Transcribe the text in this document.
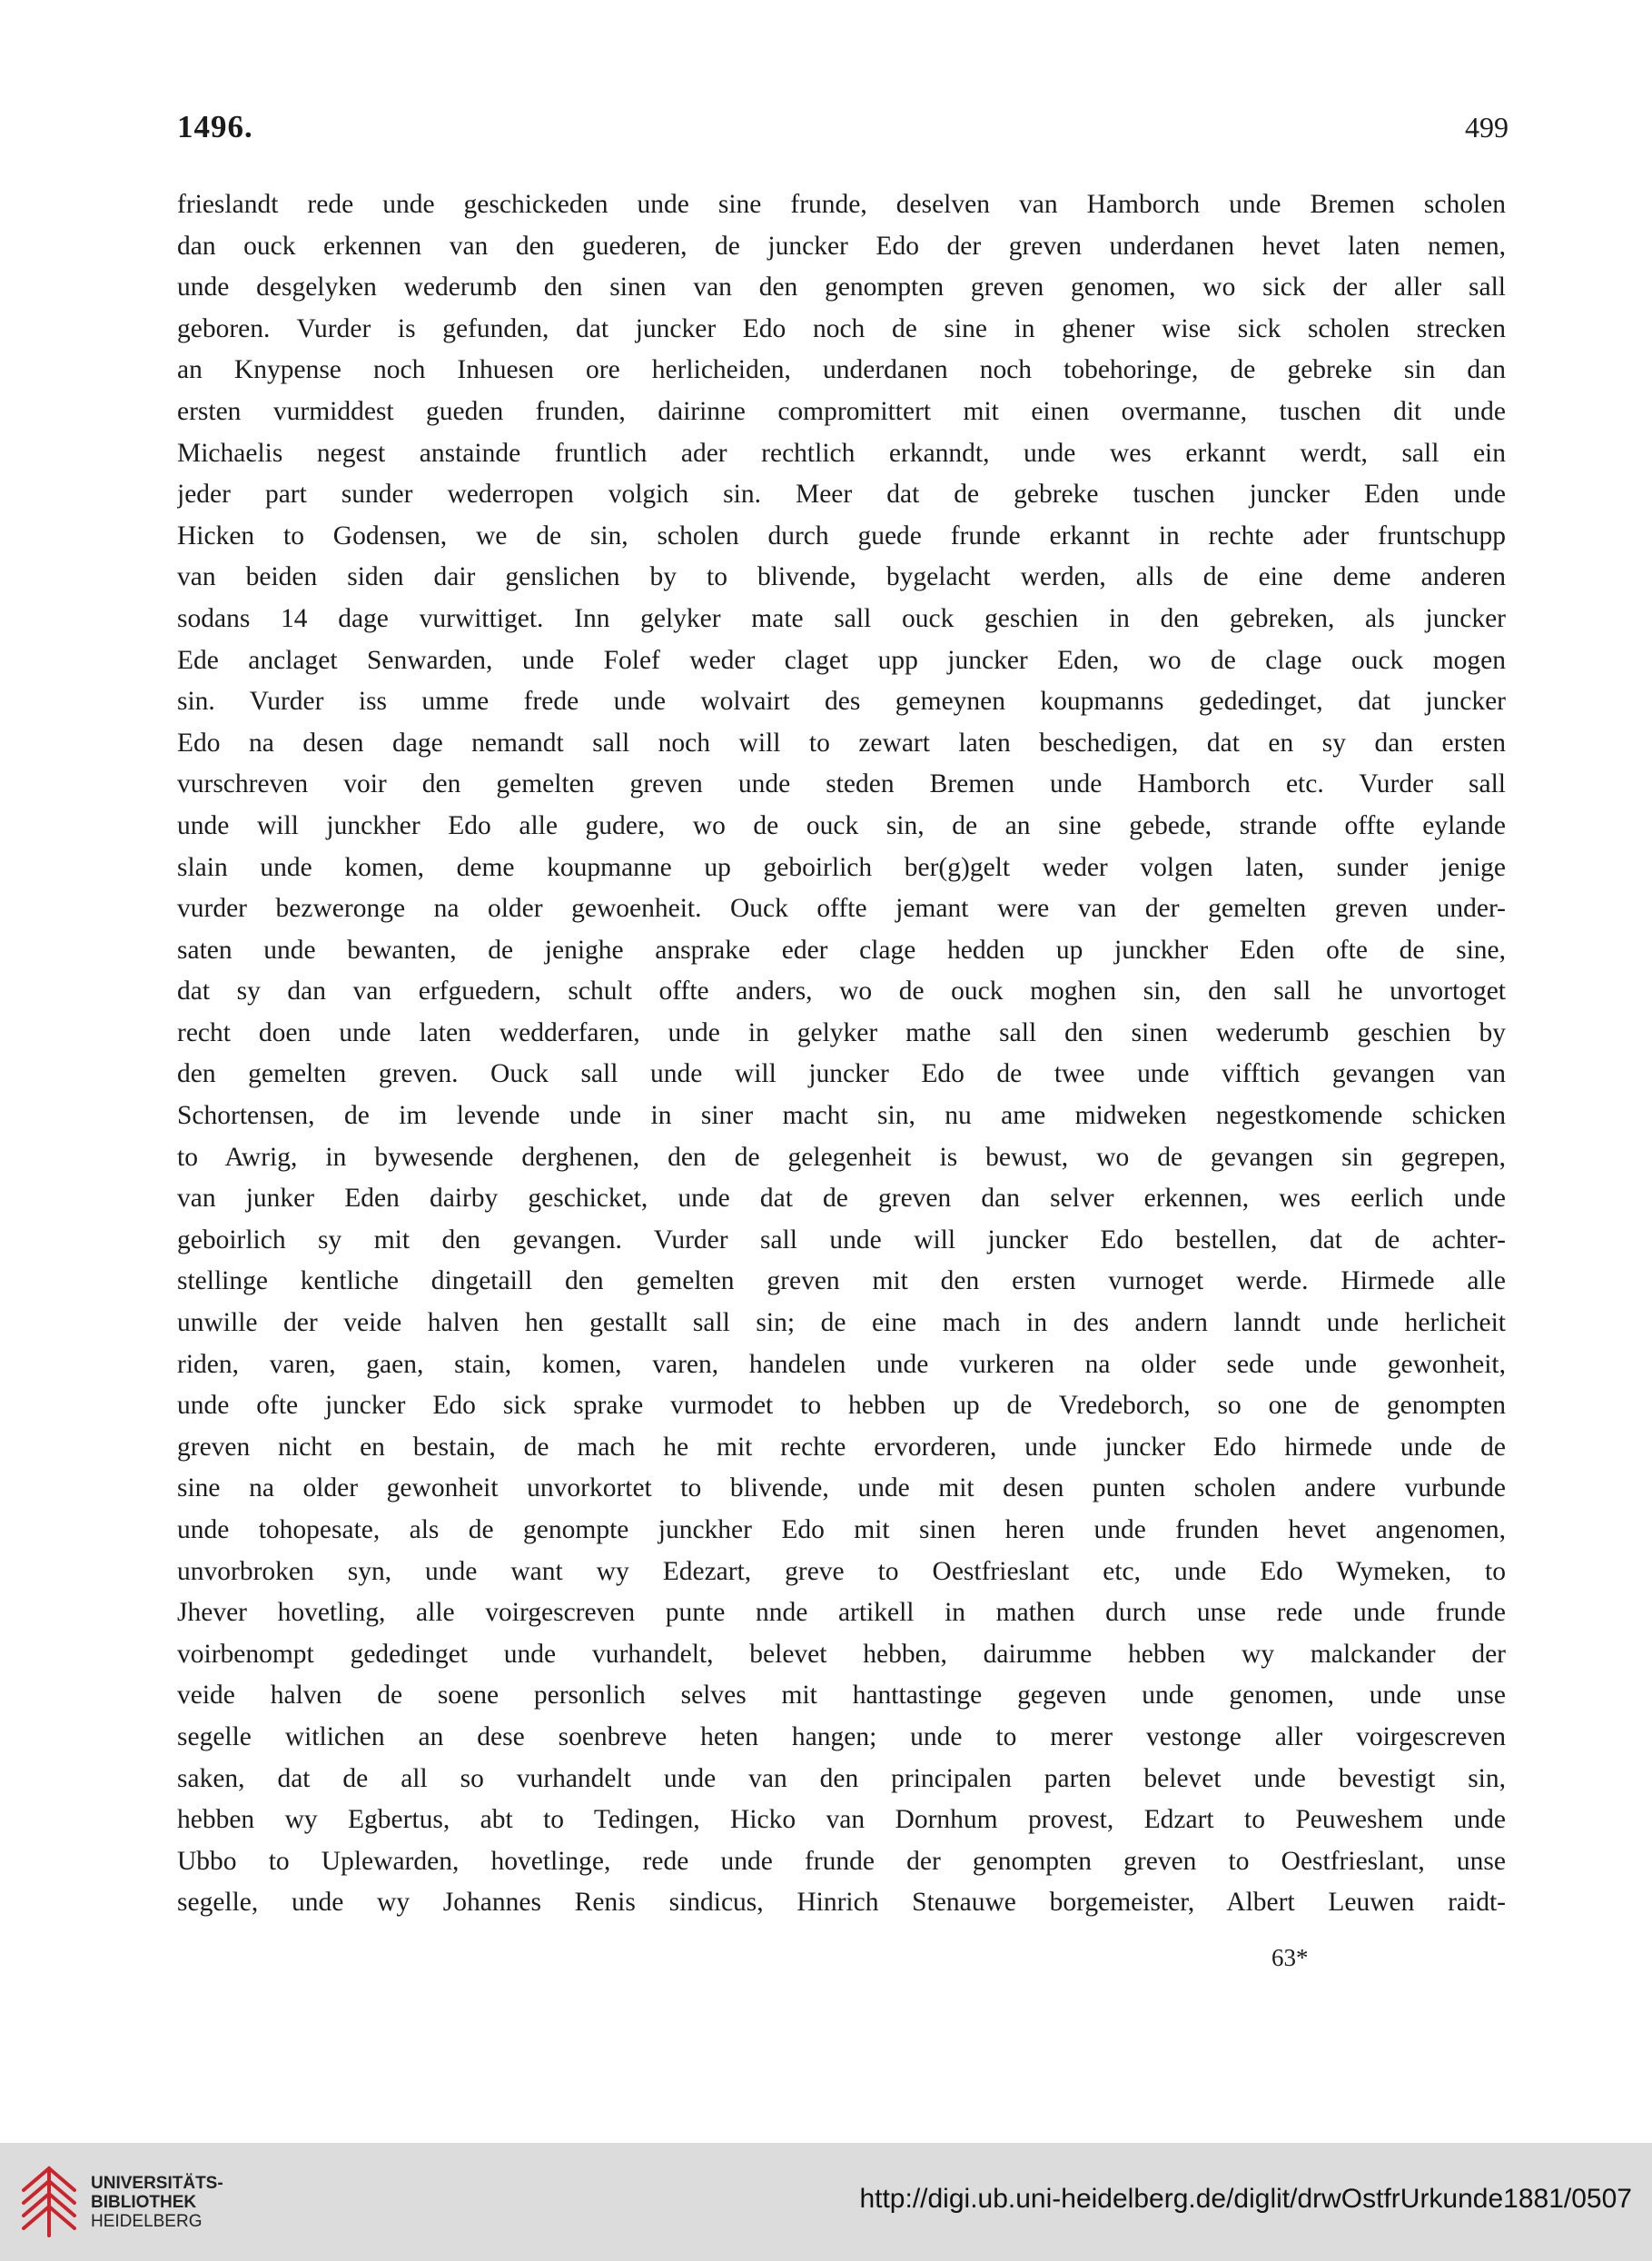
1496.	499
frieslandt rede unde geschickeden unde sine frunde, deselven van Hamborch unde Bremen scholen
dan ouck erkennen van den guederen, de juncker Edo der greven underdanen hevet laten nemen,
unde desgelyken wederumb den sinen van den genompten greven genomen, wo sick der aller sall
geboren. Vurder is gefunden, dat juncker Edo noch de sine in ghener wise sick scholen strecken
an Knypense noch Inhuesen ore herlicheiden, underdanen noch tobehoringe, de gebreke sin dan
ersten vurmiddest gueden frunden, dairinne compromittert mit einen overmanne, tuschen dit unde
Michaelis negest anstainde fruntlich ader rechtlich erkanndt, unde wes erkannt werdt, sall ein
jeder part sunder wederropen volgich sin. Meer dat de gebreke tuschen juncker Eden unde
Hicken to Godensen, we de sin, scholen durch guede frunde erkannt in rechte ader fruntschupp
van beiden siden dair genslichen by to blivende, bygelacht werden, alls de eine deme anderen
sodans 14 dage vurwittiget. Inn gelyker mate sall ouck geschien in den gebreken, als juncker
Ede anclaget Senwarden, unde Folef weder claget upp juncker Eden, wo de clage ouck mogen
sin. Vurder iss umme frede unde wolvairt des gemeynen koupmanns gededinget, dat juncker
Edo na desen dage nemandt sall noch will to zewart laten beschedigen, dat en sy dan ersten
vurschreven voir den gemelten greven unde steden Bremen unde Hamborch etc. Vurder sall
unde will junckher Edo alle gudere, wo de ouck sin, de an sine gebede, strande offte eylande
slain unde komen, deme koupmanne up geboirlich ber(g)gelt weder volgen laten, sunder jenige
vurder bezweronge na older gewoenheit. Ouck offte jemant were van der gemelten greven under-
saten unde bewanten, de jenighe ansprake eder clage hedden up junckher Eden ofte de sine,
dat sy dan van erfguedern, schult offte anders, wo de ouck moghen sin, den sall he unvortoget
recht doen unde laten wedderfaren, unde in gelyker mathe sall den sinen wederumb geschien by
den gemelten greven. Ouck sall unde will juncker Edo de twee unde vifftich gevangen van
Schortensen, de im levende unde in siner macht sin, nu ame midweken negestkomende schicken
to Awrig, in bywesende derghenen, den de gelegenheit is bewust, wo de gevangen sin gegrepen,
van junker Eden dairby geschicket, unde dat de greven dan selver erkennen, wes eerlich unde
geboirlich sy mit den gevangen. Vurder sall unde will juncker Edo bestellen, dat de achter-
stellinge kentliche dingetaill den gemelten greven mit den ersten vurnoget werde. Hirmede alle
unwille der veide halven hen gestallt sall sin; de eine mach in des andern lanndt unde herlicheit
riden, varen, gaen, stain, komen, varen, handelen unde vurkeren na older sede unde gewonheit,
unde ofte juncker Edo sick sprake vurmodet to hebben up de Vredeborch, so one de genompten
greven nicht en bestain, de mach he mit rechte ervorderen, unde juncker Edo hirmede unde de
sine na older gewonheit unvorkortet to blivende, unde mit desen punten scholen andere vurbunde
unde tohopesate, als de genompte junckher Edo mit sinen heren unde frunden hevet angenomen,
unvorbroken syn, unde want wy Edezart, greve to Oestfrieslant etc, unde Edo Wymeken, to
Jhever hovetling, alle voirgescreven punte nnde artikell in mathen durch unse rede unde frunde
voirbenompt gededinget unde vurhandelt, belevet hebben, dairumme hebben wy malckander der
veide halven de soene personlich selves mit hanttastinge gegeven unde genomen, unde unse
segelle witlichen an dese soenbreve heten hangen; unde to merer vestonge aller voirgescreven
saken, dat de all so vurhandelt unde van den principalen parten belevet unde bevestigt sin,
hebben wy Egbertus, abt to Tedingen, Hicko van Dornhum provest, Edzart to Peuweshem unde
Ubbo to Uplewarden, hovetlinge, rede unde frunde der genompten greven to Oestfrieslant, unse
segelle, unde wy Johannes Renis sindicus, Hinrich Stenauwe borgemeister, Albert Leuwen raidt-
63*
UNIVERSITÄTS-
BIBLIOTHEK
HEIDELBERG
http://digi.ub.uni-heidelberg.de/diglit/drwOstfrUrkunde1881/0507
